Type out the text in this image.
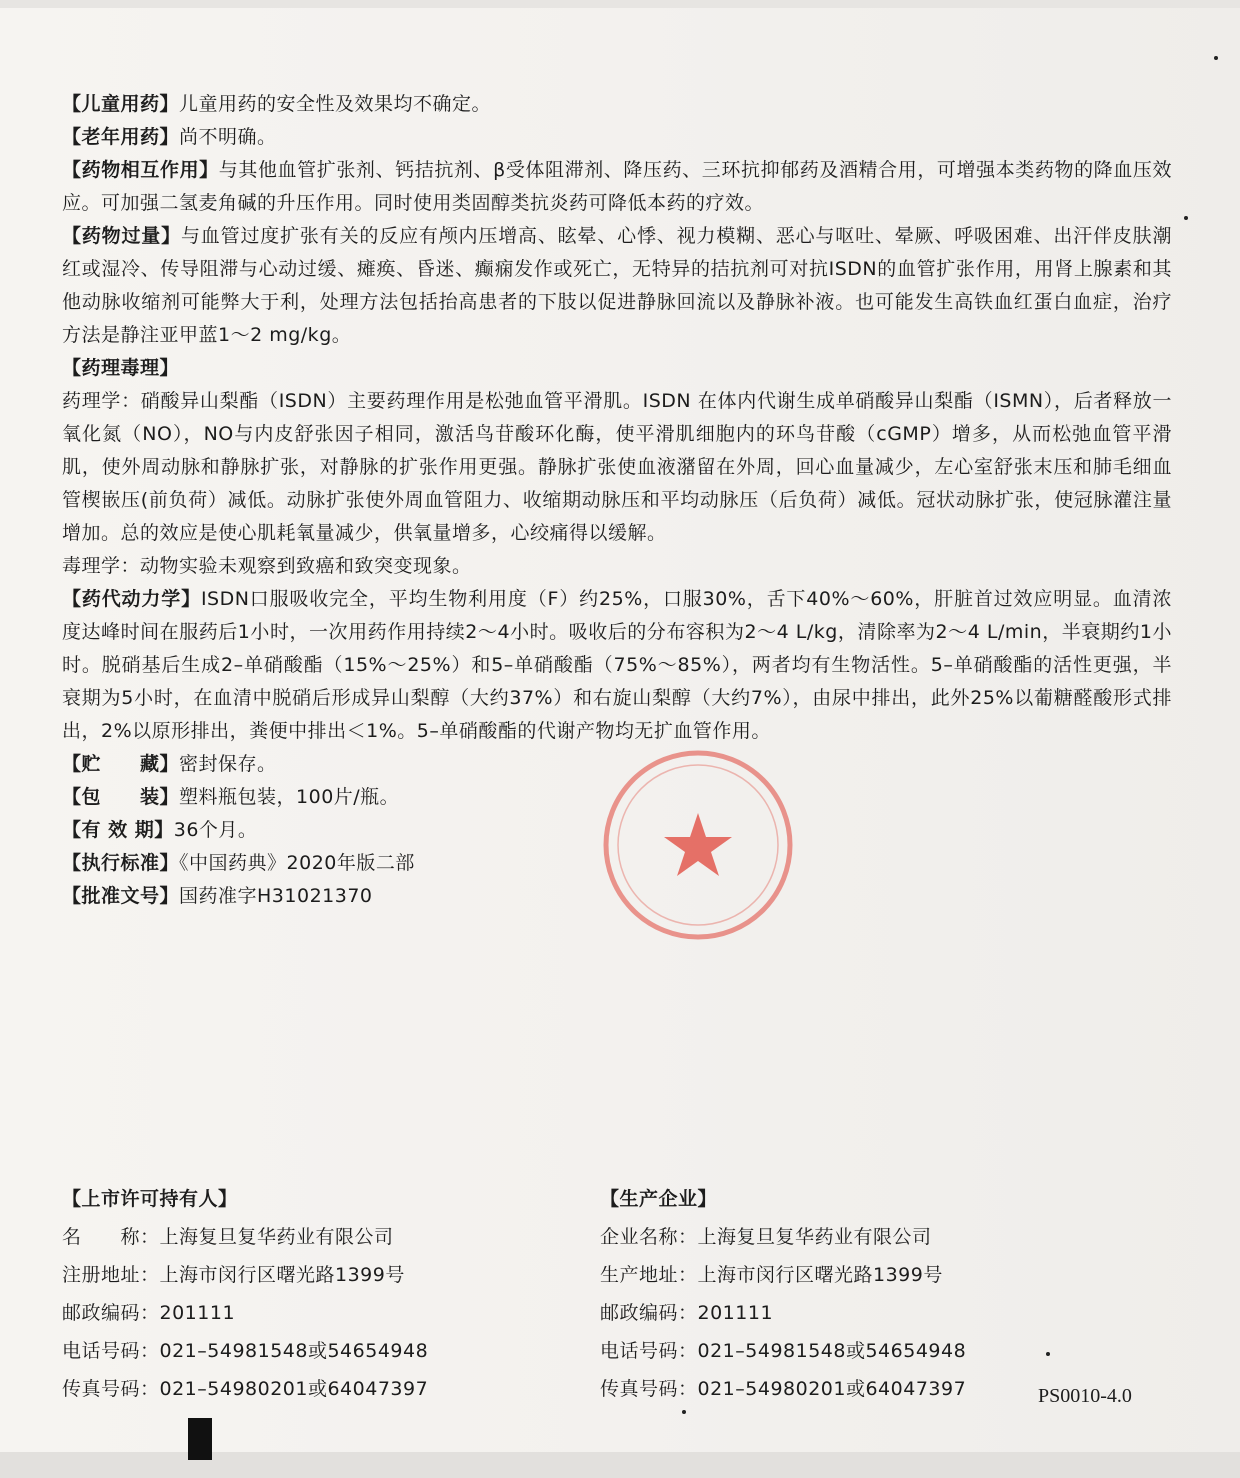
【儿童用药】儿童用药的安全性及效果均不确定。

【老年用药】尚不明确。

【药物相互作用】与其他血管扩张剂、钙拮抗剂、β受体阻滞剂、降压药、三环抗抑郁药及酒精合用，可增强本类药物的降血压效应。可加强二氢麦角碱的升压作用。同时使用类固醇类抗炎药可降低本药的疗效。

【药物过量】与血管过度扩张有关的反应有颅内压增高、眩晕、心悸、视力模糊、恶心与呕吐、晕厥、呼吸困难、出汗伴皮肤潮红或湿冷、传导阻滞与心动过缓、瘫痪、昏迷、癫痫发作或死亡，无特异的拮抗剂可对抗ISDN的血管扩张作用，用肾上腺素和其他动脉收缩剂可能弊大于利，处理方法包括抬高患者的下肢以促进静脉回流以及静脉补液。也可能发生高铁血红蛋白血症，治疗方法是静注亚甲蓝1～2 mg/kg。

【药理毒理】

药理学：硝酸异山梨酯（ISDN）主要药理作用是松弛血管平滑肌。ISDN 在体内代谢生成单硝酸异山梨酯（ISMN），后者释放一氧化氮（NO），NO与内皮舒张因子相同，激活鸟苷酸环化酶，使平滑肌细胞内的环鸟苷酸（cGMP）增多，从而松弛血管平滑肌，使外周动脉和静脉扩张，对静脉的扩张作用更强。静脉扩张使血液潴留在外周，回心血量减少，左心室舒张末压和肺毛细血管楔嵌压(前负荷）减低。动脉扩张使外周血管阻力、收缩期动脉压和平均动脉压（后负荷）减低。冠状动脉扩张，使冠脉灌注量增加。总的效应是使心肌耗氧量减少，供氧量增多，心绞痛得以缓解。

毒理学：动物实验未观察到致癌和致突变现象。

【药代动力学】ISDN口服吸收完全，平均生物利用度（F）约25%，口服30%，舌下40%～60%，肝脏首过效应明显。血清浓度达峰时间在服药后1小时，一次用药作用持续2～4小时。吸收后的分布容积为2～4 L/kg，清除率为2～4 L/min，半衰期约1小时。脱硝基后生成2–单硝酸酯（15%～25%）和5–单硝酸酯（75%～85%），两者均有生物活性。5–单硝酸酯的活性更强，半衰期为5小时，在血清中脱硝后形成异山梨醇（大约37%）和右旋山梨醇（大约7%），由尿中排出，此外25%以葡糖醛酸形式排出，2%以原形排出，粪便中排出＜1%。5–单硝酸酯的代谢产物均无扩血管作用。

【贮　　藏】密封保存。

【包　　装】塑料瓶包装，100片/瓶。

【有 效 期】36个月。

【执行标准】《中国药典》2020年版二部

【批准文号】国药准字H31021370

【上市许可持有人】

名　　称：上海复旦复华药业有限公司

注册地址：上海市闵行区曙光路1399号

邮政编码：201111

电话号码：021–54981548或54654948

传真号码：021–54980201或64047397

【生产企业】

企业名称：上海复旦复华药业有限公司

生产地址：上海市闵行区曙光路1399号

邮政编码：201111

电话号码：021–54981548或54654948

传真号码：021–54980201或64047397	PS0010-4.0
